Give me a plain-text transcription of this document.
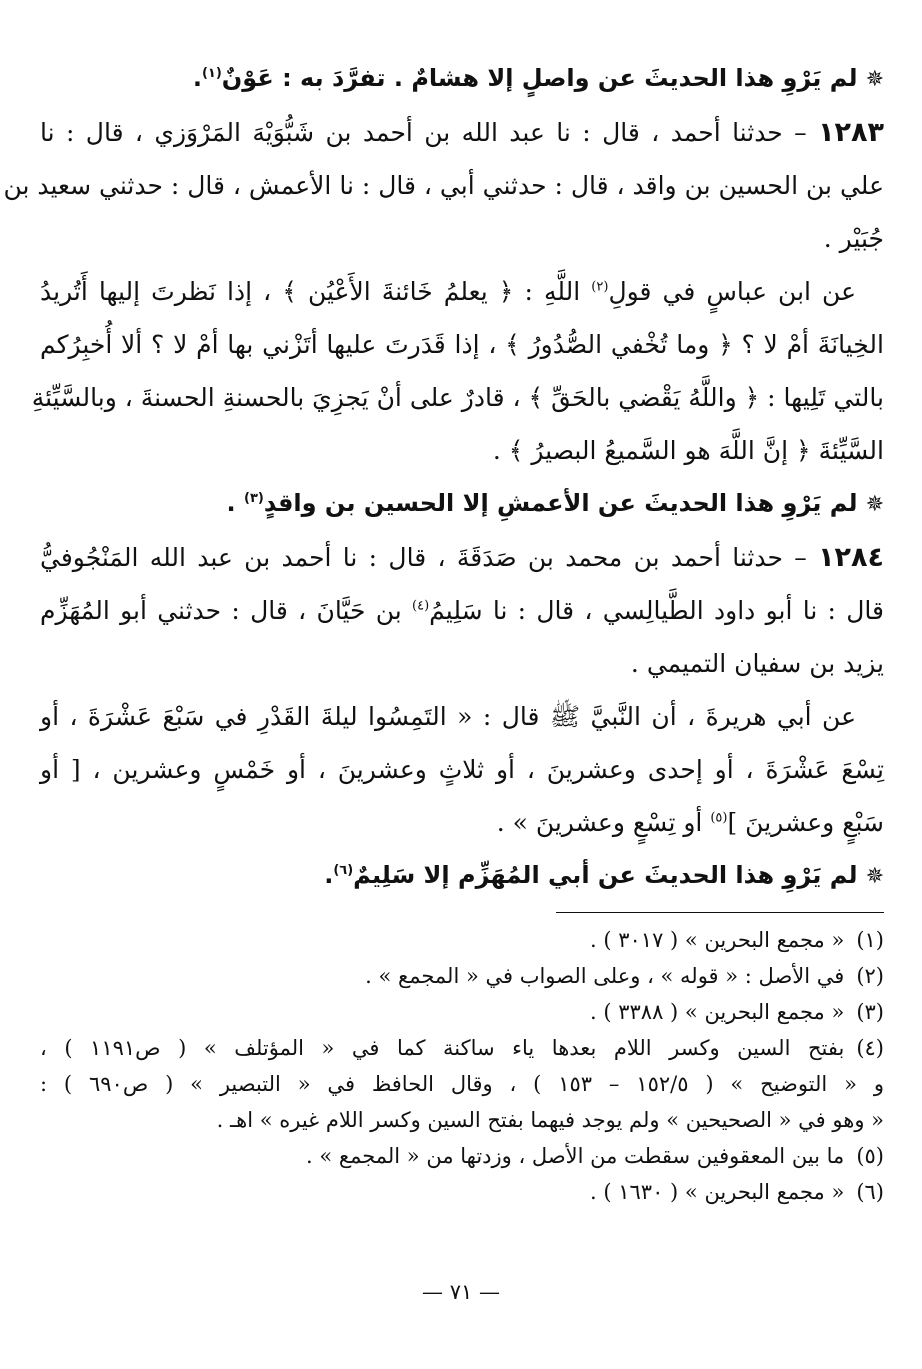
✵لم يَرْوِ هذا الحديثَ عن واصلٍ إلا هشامٌ . تفرَّدَ به : عَوْنٌ$^{(١)}$.

١٢٨٣ – حدثنا أحمد ، قال : نا عبد الله بن أحمد بن شَبُّوَيْهَ المَرْوَزي ، قال : نا

علي بن الحسين بن واقد ، قال : حدثني أبي ، قال : نا الأعمش ، قال : حدثني سعيد بن

جُبَيْر .

عن ابن عباسٍ في قولِ$^{(٢)}$ اللَّهِ : ﴿ يعلمُ خَائنةَ الأَعْيُن ﴾ ، إذا نَظرتَ إليها أَتُريدُ

الخِيانَةَ أمْ لا ؟ ﴿ وما تُخْفي الصُّدُورُ ﴾ ، إذا قَدَرتَ عليها أتَزْني بها أمْ لا ؟ ألا أُخبِرُكم

بالتي تَلِيها : ﴿ واللَّهُ يَقْضي بالحَقِّ ﴾ ، قادرٌ على أنْ يَجزِيَ بالحسنةِ الحسنةَ ، وبالسَّيِّئةِ

السَّيِّئةَ ﴿ إنَّ اللَّهَ هو السَّميعُ البصيرُ ﴾ .

✵لم يَرْوِ هذا الحديثَ عن الأعمشِ إلا الحسين بن واقدٍ$^{(٣)}$ .

١٢٨٤ – حدثنا أحمد بن محمد بن صَدَقَةَ ، قال : نا أحمد بن عبد الله المَنْجُوفيُّ

قال : نا أبو داود الطَّيالِسي ، قال : نا سَلِيمُ$^{(٤)}$ بن حَيَّانَ ، قال : حدثني أبو المُهَزِّم

يزيد بن سفيان التميمي .

عن أبي هريرةَ ، أن النَّبيَّ ﷺ قال : « التَمِسُوا ليلةَ القَدْرِ في سَبْعَ عَشْرَةَ ، أو

تِسْعَ عَشْرَةَ ، أو إحدى وعشرينَ ، أو ثلاثٍ وعشرينَ ، أو خَمْسٍ وعشرين ، [ أو

سَبْعٍ وعشرينَ ]$^{(٥)}$ أو تِسْعٍ وعشرينَ » .

✵لم يَرْوِ هذا الحديثَ عن أبي المُهَزِّم إلا سَلِيمٌ$^{(٦)}$.

(١)« مجمع البحرين » ( ٣٠١٧ ) .

(٢)في الأصل : « قوله » ، وعلى الصواب في « المجمع » .

(٣)« مجمع البحرين » ( ٣٣٨٨ ) .

(٤)بفتح السين وكسر اللام بعدها ياء ساكنة كما في « المؤتلف » ( ص١١٩١ ) ،

و « التوضيح » ( ١٥٢/٥ – ١٥٣ ) ، وقال الحافظ في « التبصير » ( ص٦٩٠ ) :

« وهو في « الصحيحين » ولم يوجد فيهما بفتح السين وكسر اللام غيره » اهـ .

(٥)ما بين المعقوفين سقطت من الأصل ، وزدتها من « المجمع » .

(٦)« مجمع البحرين » ( ١٦٣٠ ) .

— ٧١ —
